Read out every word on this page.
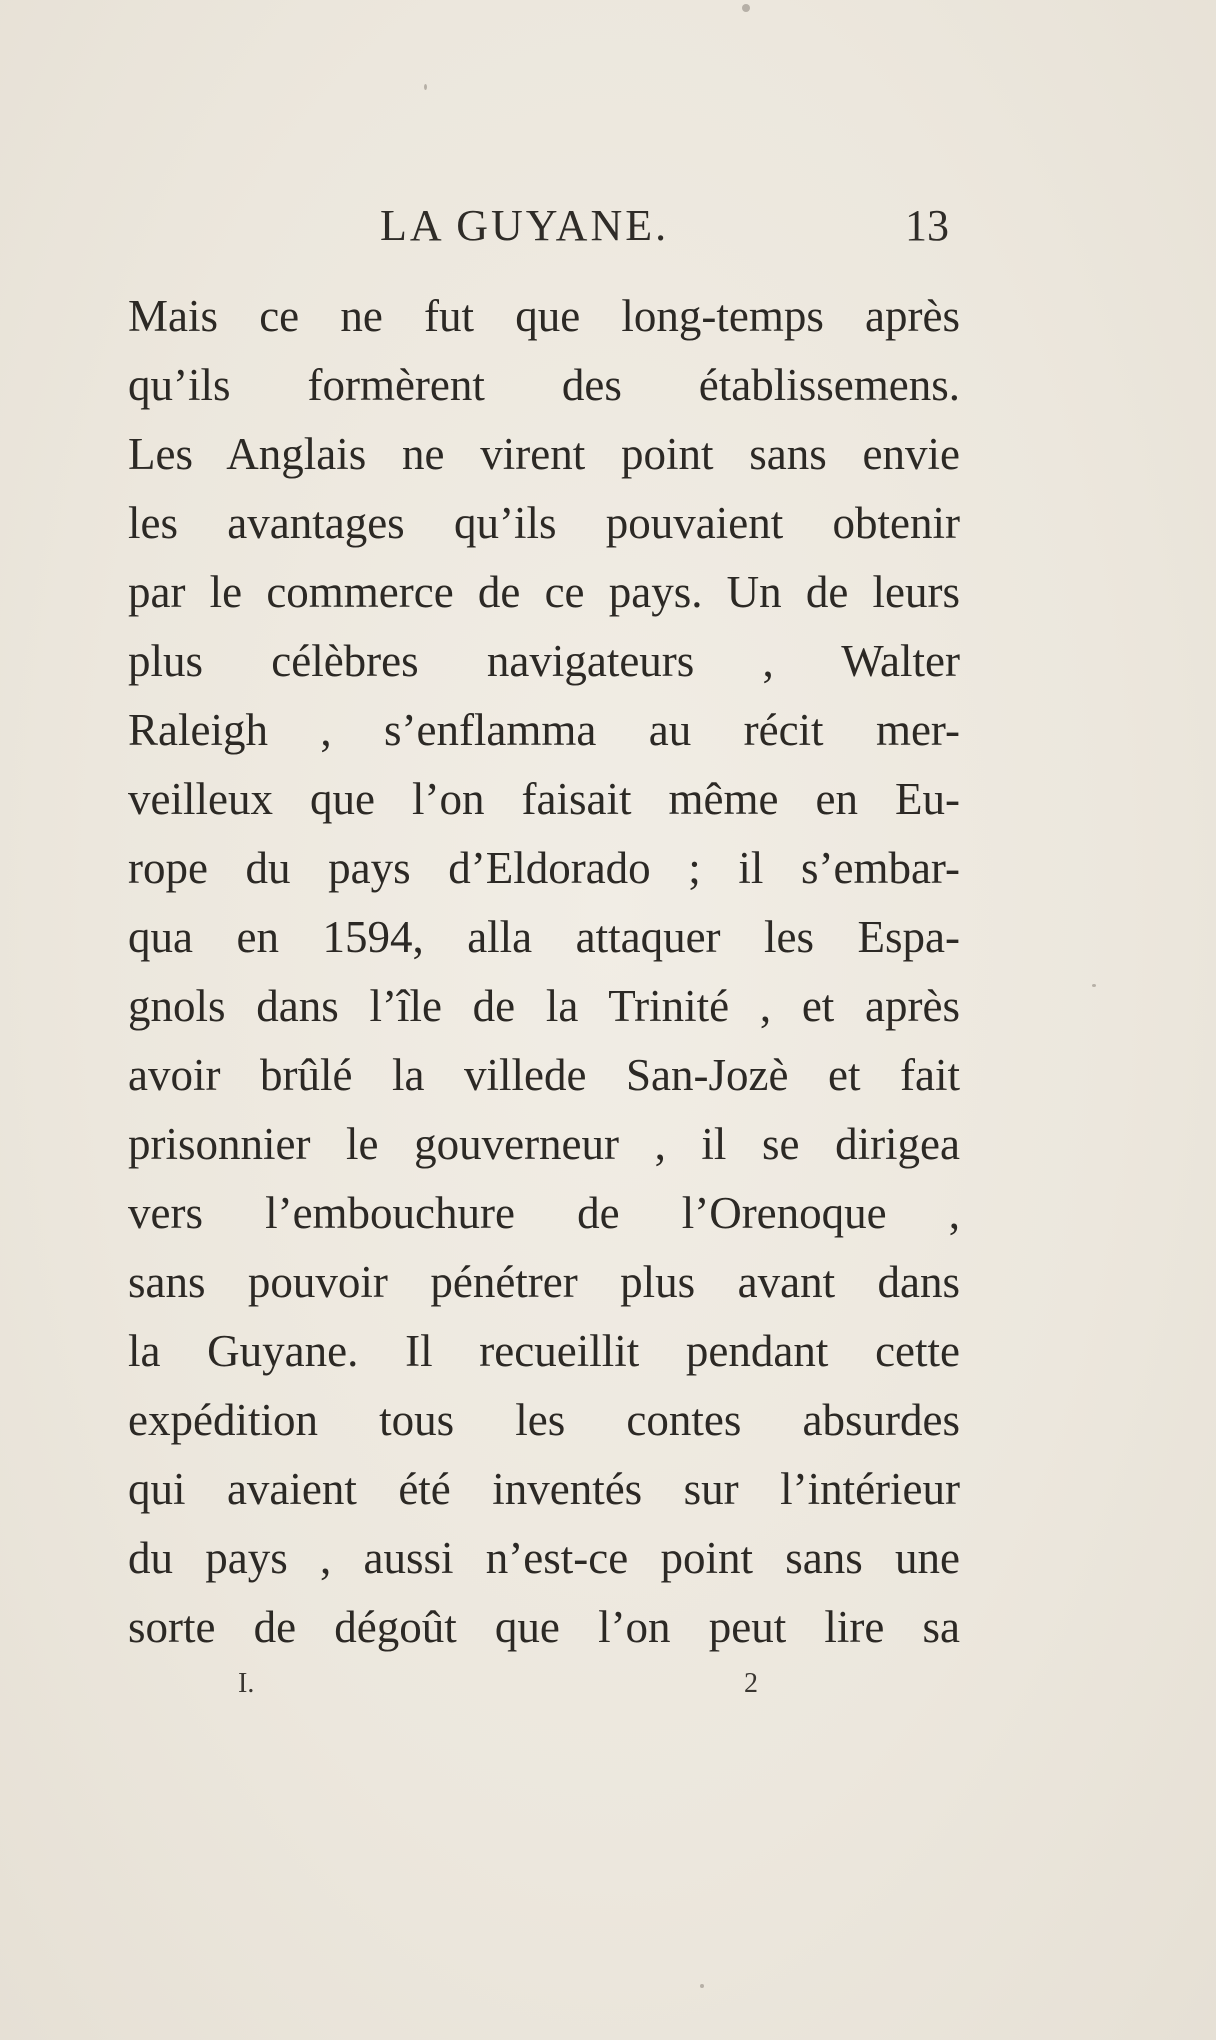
LA GUYANE.	13
Mais ce ne fut que long-temps après
qu’ils formèrent des établissemens.
Les Anglais ne virent point sans envie
les avantages qu’ils pouvaient obtenir
par le commerce de ce pays. Un de leurs
plus célèbres navigateurs , Walter
Raleigh , s’enflamma au récit mer-
veilleux que l’on faisait même en Eu-
rope du pays d’Eldorado ; il s’embar-
qua en 1594, alla attaquer les Espa-
gnols dans l’île de la Trinité , et après
avoir brûlé la villede San-Jozè et fait
prisonnier le gouverneur , il se dirigea
vers l’embouchure de l’Orenoque ,
sans pouvoir pénétrer plus avant dans
la Guyane. Il recueillit pendant cette
expédition tous les contes absurdes
qui avaient été inventés sur l’intérieur
du pays , aussi n’est-ce point sans une
sorte de dégoût que l’on peut lire sa
I.	2
